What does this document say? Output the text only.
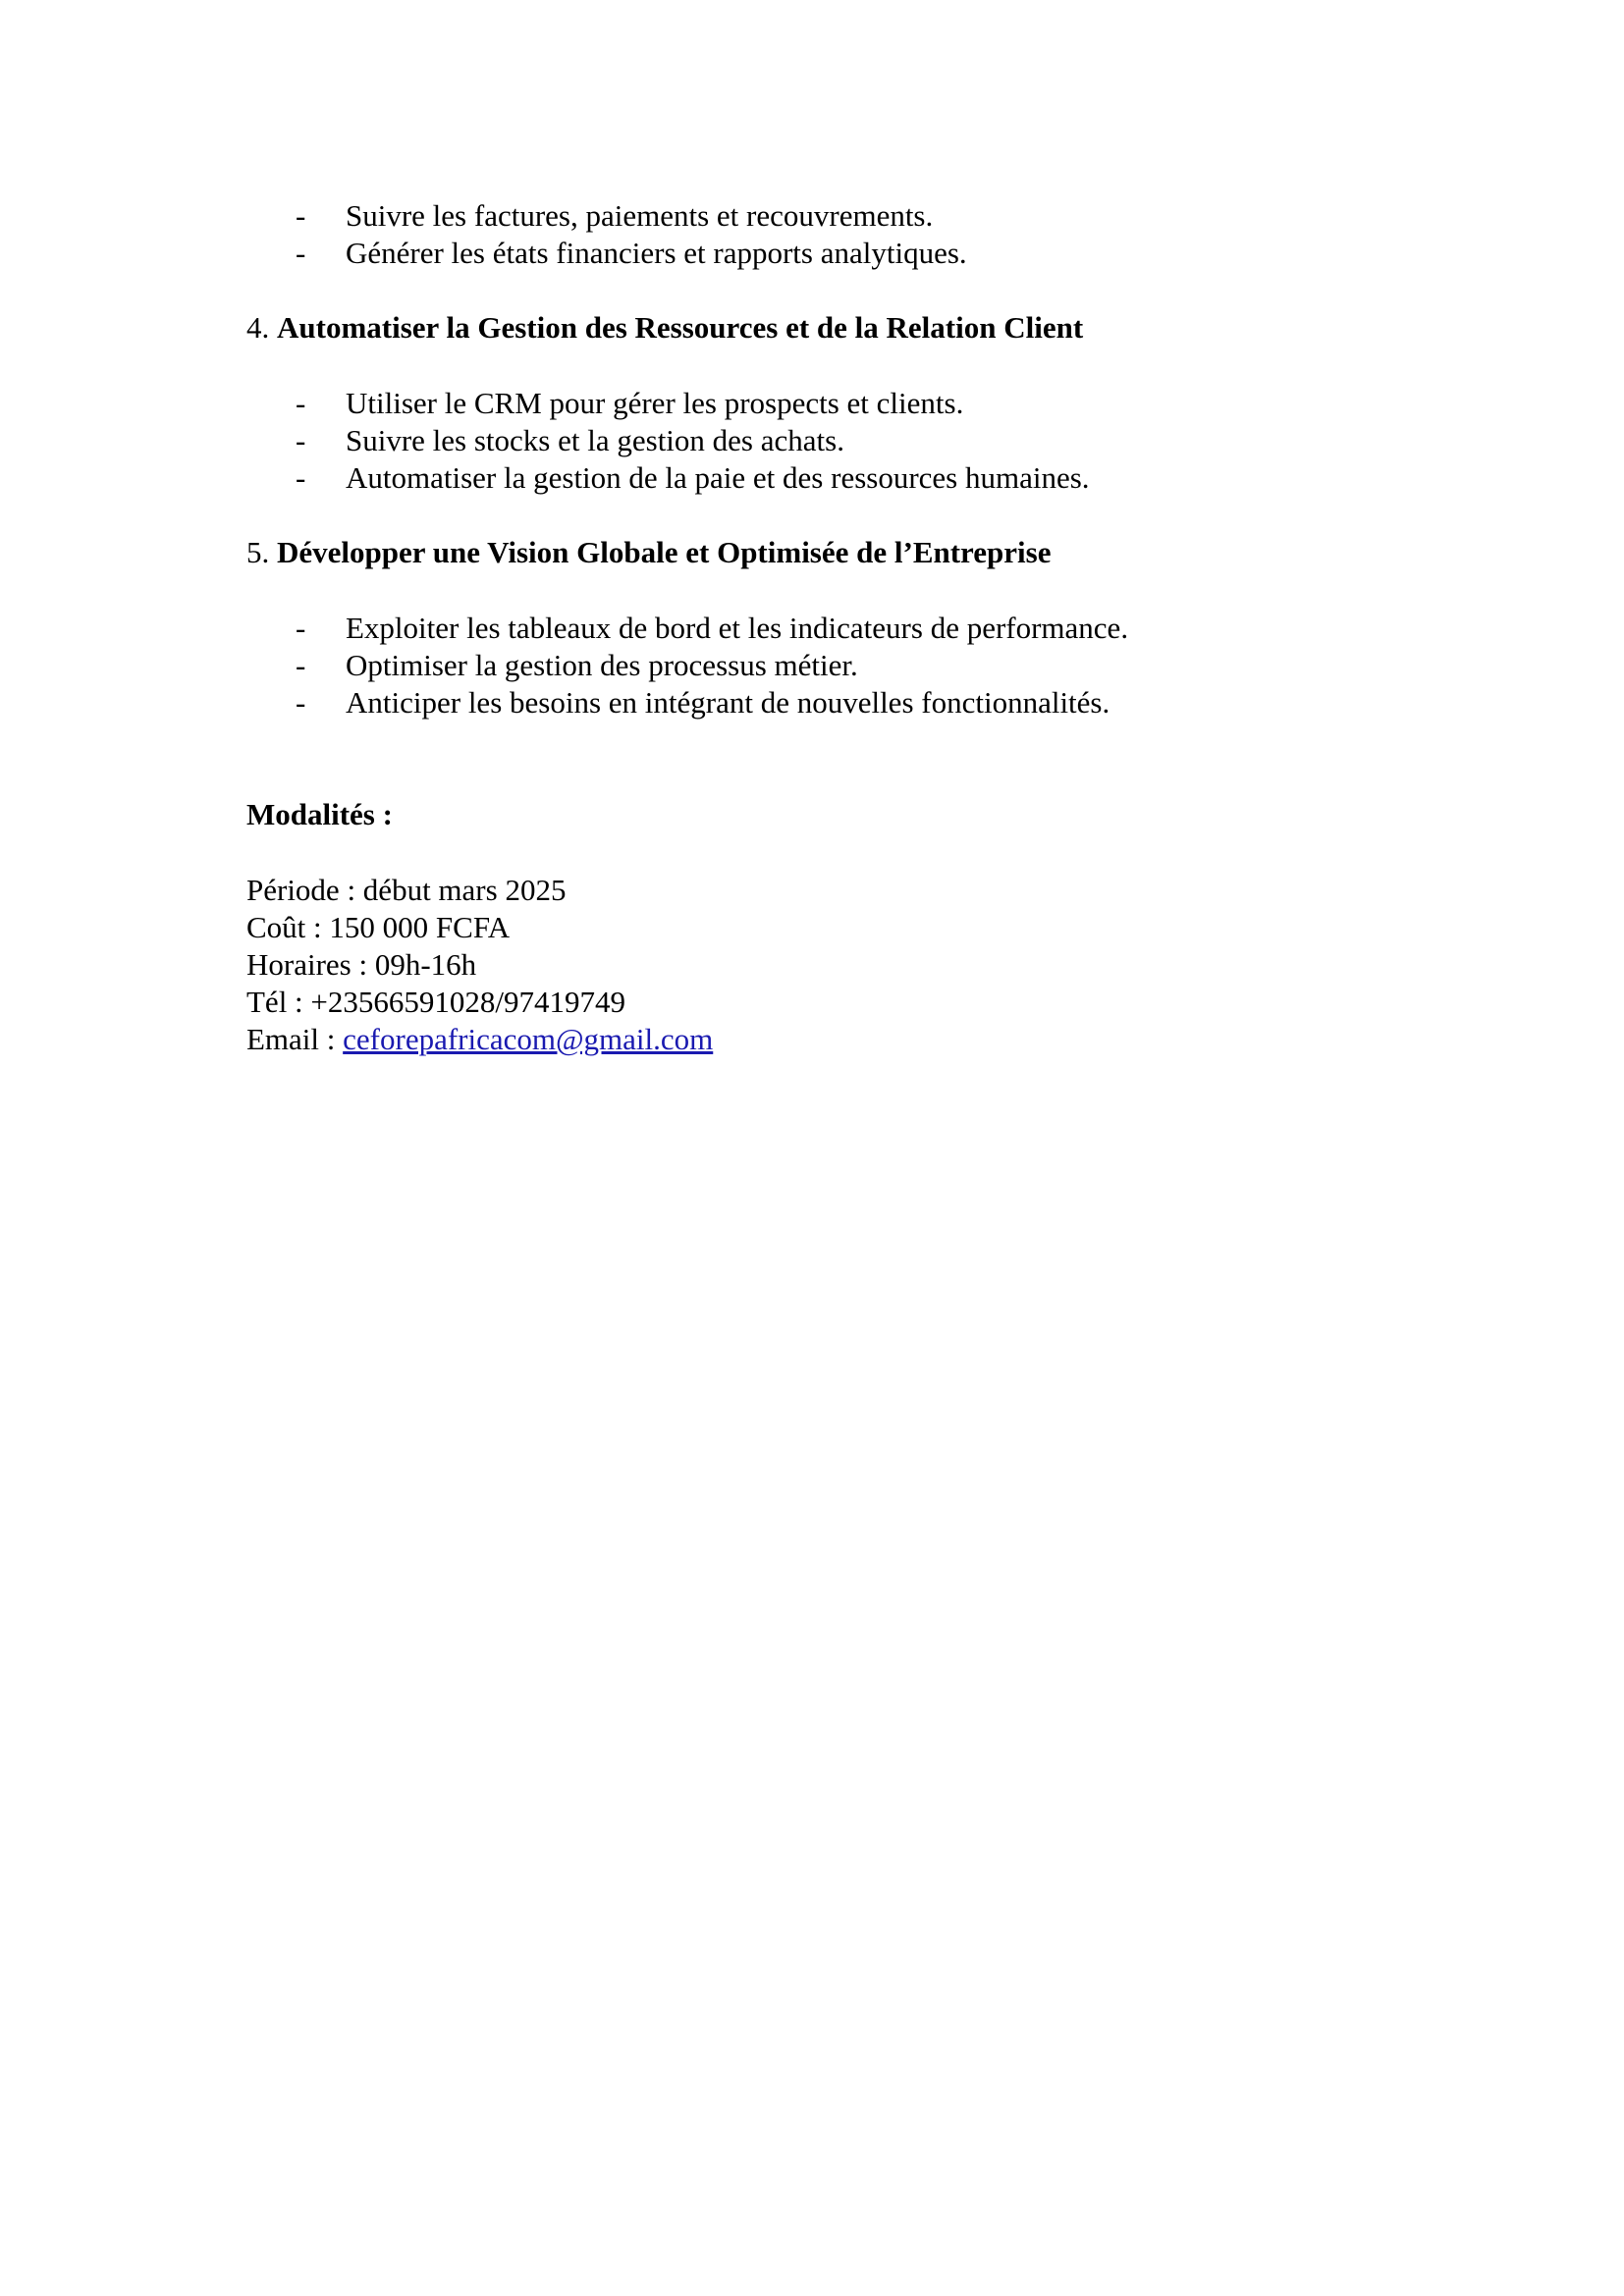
- Suivre les factures, paiements et recouvrements.
- Générer les états financiers et rapports analytiques.
4. Automatiser la Gestion des Ressources et de la Relation Client
- Utiliser le CRM pour gérer les prospects et clients.
- Suivre les stocks et la gestion des achats.
- Automatiser la gestion de la paie et des ressources humaines.
5. Développer une Vision Globale et Optimisée de l’Entreprise
- Exploiter les tableaux de bord et les indicateurs de performance.
- Optimiser la gestion des processus métier.
- Anticiper les besoins en intégrant de nouvelles fonctionnalités.
Modalités :
Période : début mars 2025
Coût : 150 000 FCFA
Horaires : 09h-16h
Tél : +23566591028/97419749
Email : ceforepafricacom@gmail.com
